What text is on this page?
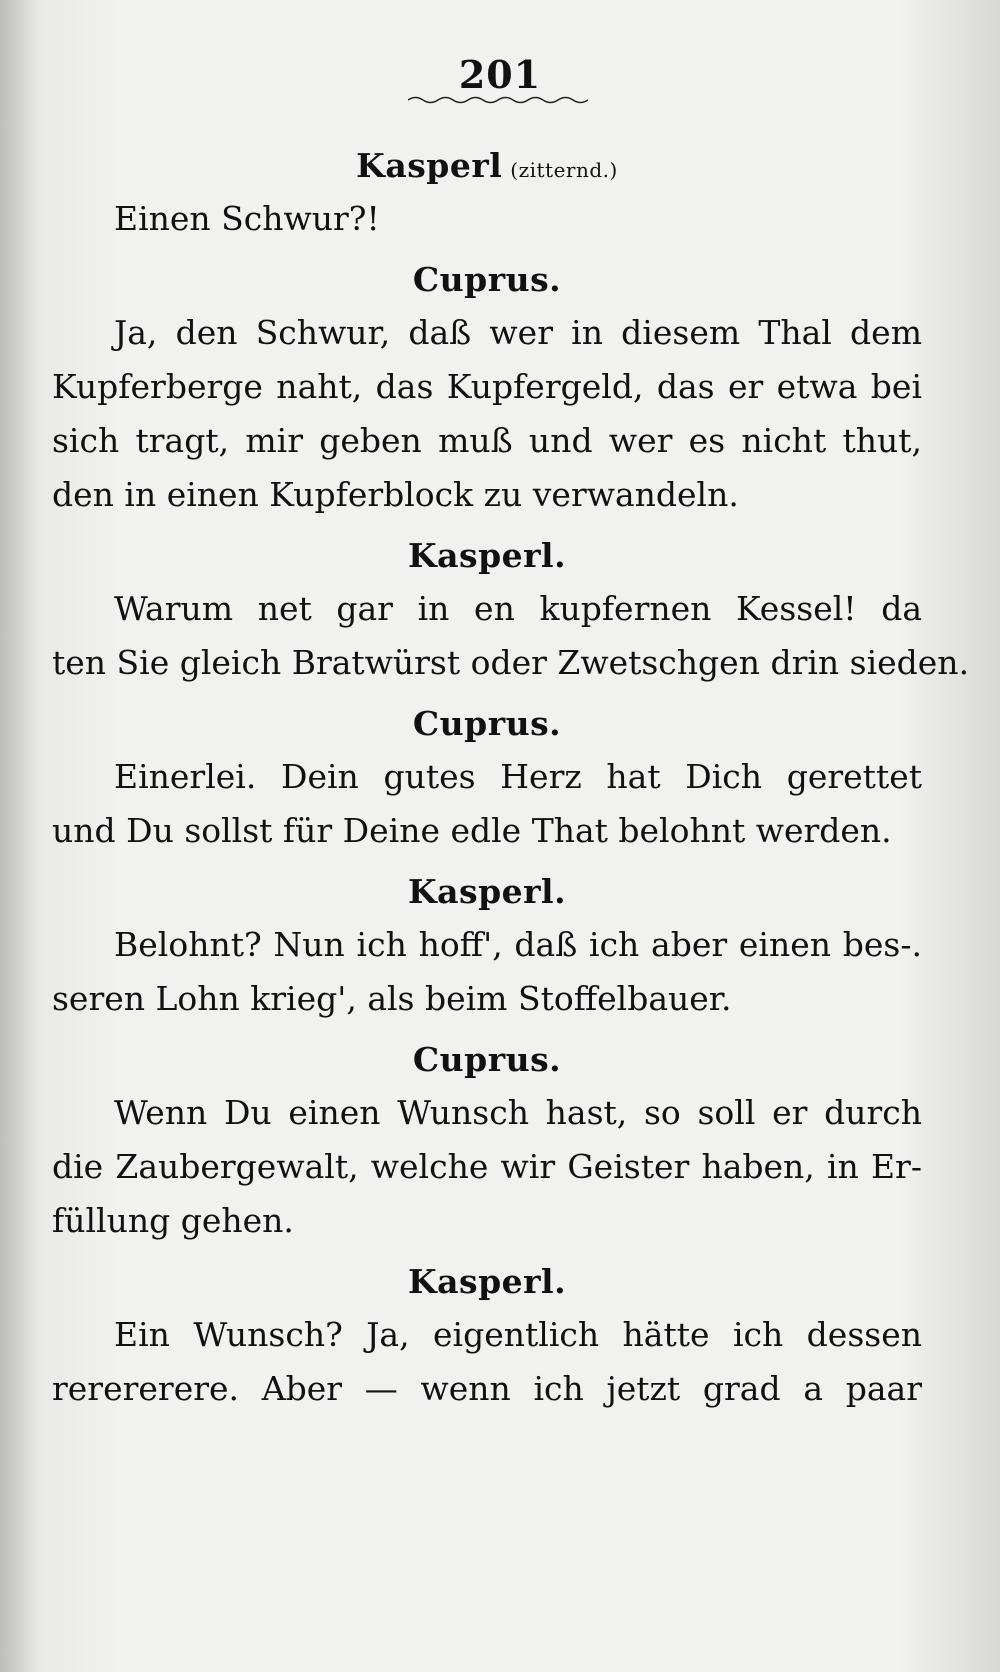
201

Kasperl (zitternd.)

Einen Schwur?!

Cuprus.

Ja, den Schwur, daß wer in diesem Thal dem
Kupferberge naht, das Kupfergeld, das er etwa bei
sich tragt, mir geben muß und wer es nicht thut,
den in einen Kupferblock zu verwandeln.

Kasperl.

Warum net gar in en kupfernen Kessel! da
ten Sie gleich Bratwürst oder Zwetschgen drin sieden.

Cuprus.

Einerlei. Dein gutes Herz hat Dich gerettet
und Du sollst für Deine edle That belohnt werden.

Kasperl.

Belohnt? Nun ich hoff', daß ich aber einen bes-.
seren Lohn krieg', als beim Stoffelbauer.

Cuprus.

Wenn Du einen Wunsch hast, so soll er durch
die Zaubergewalt, welche wir Geister haben, in Er-
füllung gehen.

Kasperl.

Ein Wunsch? Ja, eigentlich hätte ich dessen
rerererere. Aber — wenn ich jetzt grad a paar
